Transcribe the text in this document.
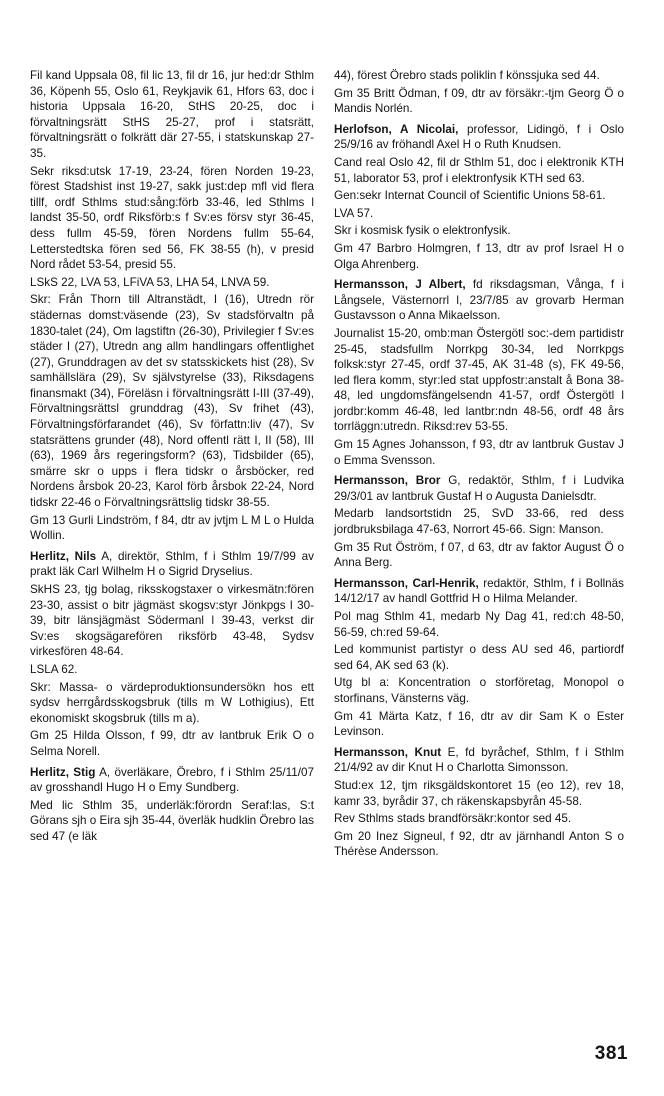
Fil kand Uppsala 08, fil lic 13, fil dr 16, jur hed:dr Sthlm 36, Köpenh 55, Oslo 61, Reykjavik 61, Hfors 63, doc i historia Uppsala 16-20, StHS 20-25, doc i förvaltningsrätt StHS 25-27, prof i statsrätt, förvaltningsrätt o folkrätt där 27-55, i statskunskap 27-35.

Sekr riksd:utsk 17-19, 23-24, fören Norden 19-23, förest Stadshist inst 19-27, sakk just:dep mfl vid flera tillf, ordf Sthlms stud:sång:förb 33-46, led Sthlms l landst 35-50, ordf Riksförb:s f Sv:es försv styr 36-45, dess fullm 45-59, fören Nordens fullm 55-64, Letterstedtska fören sed 56, FK 38-55 (h), v presid Nord rådet 53-54, presid 55.

LSkS 22, LVA 53, LFiVA 53, LHA 54, LNVA 59.

Skr: Från Thorn till Altranstädt, I (16), Utredn rör städernas domst:väsende (23), Sv stadsförvaltn på 1830-talet (24), Om lagstiftn (26-30), Privilegier f Sv:es städer I (27), Utredn ang allm handlingars offentlighet (27), Grunddragen av det sv statsskickets hist (28), Sv samhällslära (29), Sv självstyrelse (33), Riksdagens finansmakt (34), Föreläsn i förvaltningsrätt I-III (37-49), Förvaltningsrättsl grunddrag (43), Sv frihet (43), Förvaltningsförfarandet (46), Sv författn:liv (47), Sv statsrättens grunder (48), Nord offentl rätt I, II (58), III (63), 1969 års regeringsform? (63), Tidsbilder (65), smärre skr o upps i flera tidskr o årsböcker, red Nordens årsbok 20-23, Karol förb årsbok 22-24, Nord tidskr 22-46 o Förvaltningsrättslig tidskr 38-55.

Gm 13 Gurli Lindström, f 84, dtr av jvtjm L M L o Hulda Wollin.

Herlitz, Nils A, direktör, Sthlm, f i Sthlm 19/7/99 av prakt läk Carl Wilhelm H o Sigrid Dryselius.

SkHS 23, tjg bolag, riksskogstaxer o virkesmätn:fören 23-30, assist o bitr jägmäst skogsv:styr Jönkpgs l 30-39, bitr länsjägmäst Södermanl l 39-43, verkst dir Sv:es skogsägarefören riksförb 43-48, Sydsv virkesfören 48-64.

LSLA 62.

Skr: Massa- o värdeproduktionsundersökn hos ett sydsv herrgårdsskogsbruk (tills m W Lothigius), Ett ekonomiskt skogsbruk (tills m a).

Gm 25 Hilda Olsson, f 99, dtr av lantbruk Erik O o Selma Norell.

Herlitz, Stig A, överläkare, Örebro, f i Sthlm 25/11/07 av grosshandl Hugo H o Emy Sundberg.

Med lic Sthlm 35, underläk:förordn Seraf:las, S:t Görans sjh o Eira sjh 35-44, överläk hudklin Örebro las sed 47 (e läk

44), förest Örebro stads poliklin f könssjuka sed 44.

Gm 35 Britt Ödman, f 09, dtr av försäkr:-tjm Georg Ö o Mandis Norlén.

Herlofson, A Nicolai, professor, Lidingö, f i Oslo 25/9/16 av fröhandl Axel H o Ruth Knudsen.

Cand real Oslo 42, fil dr Sthlm 51, doc i elektronik KTH 51, laborator 53, prof i elektronfysik KTH sed 63.

Gen:sekr Internat Council of Scientific Unions 58-61.

LVA 57.

Skr i kosmisk fysik o elektronfysik.

Gm 47 Barbro Holmgren, f 13, dtr av prof Israel H o Olga Ahrenberg.

Hermansson, J Albert, fd riksdagsman, Vånga, f i Långsele, Västernorrl l, 23/7/85 av grovarb Herman Gustavsson o Anna Mikaelsson.

Journalist 15-20, omb:man Östergötl soc:-dem partidistr 25-45, stadsfullm Norrkpg 30-34, led Norrkpgs folksk:styr 27-45, ordf 37-45, AK 31-48 (s), FK 49-56, led flera komm, styr:led stat uppfostr:anstalt å Bona 38-48, led ungdomsfängelsendn 41-57, ordf Östergötl l jordbr:komm 46-48, led lantbr:ndn 48-56, ordf 48 års torrläggn:utredn. Riksd:rev 53-55.

Gm 15 Agnes Johansson, f 93, dtr av lantbruk Gustav J o Emma Svensson.

Hermansson, Bror G, redaktör, Sthlm, f i Ludvika 29/3/01 av lantbruk Gustaf H o Augusta Danielsdtr.

Medarb landsortstidn 25, SvD 33-66, red dess jordbruksbilaga 47-63, Norrort 45-66. Sign: Manson.

Gm 35 Rut Öström, f 07, d 63, dtr av faktor August Ö o Anna Berg.

Hermansson, Carl-Henrik, redaktör, Sthlm, f i Bollnäs 14/12/17 av handl Gottfrid H o Hilma Melander.

Pol mag Sthlm 41, medarb Ny Dag 41, red:ch 48-50, 56-59, ch:red 59-64.

Led kommunist partistyr o dess AU sed 46, partiordf sed 64, AK sed 63 (k).

Utg bl a: Koncentration o storföretag, Monopol o storfinans, Vänsterns väg.

Gm 41 Märta Katz, f 16, dtr av dir Sam K o Ester Levinson.

Hermansson, Knut E, fd byråchef, Sthlm, f i Sthlm 21/4/92 av dir Knut H o Charlotta Simonsson.

Stud:ex 12, tjm riksgäldskontoret 15 (eo 12), rev 18, kamr 33, byrådir 37, ch räkenskapsbyrån 45-58.

Rev Sthlms stads brandförsäkr:kontor sed 45.

Gm 20 Inez Signeul, f 92, dtr av järnhandl Anton S o Thérèse Andersson.

381
